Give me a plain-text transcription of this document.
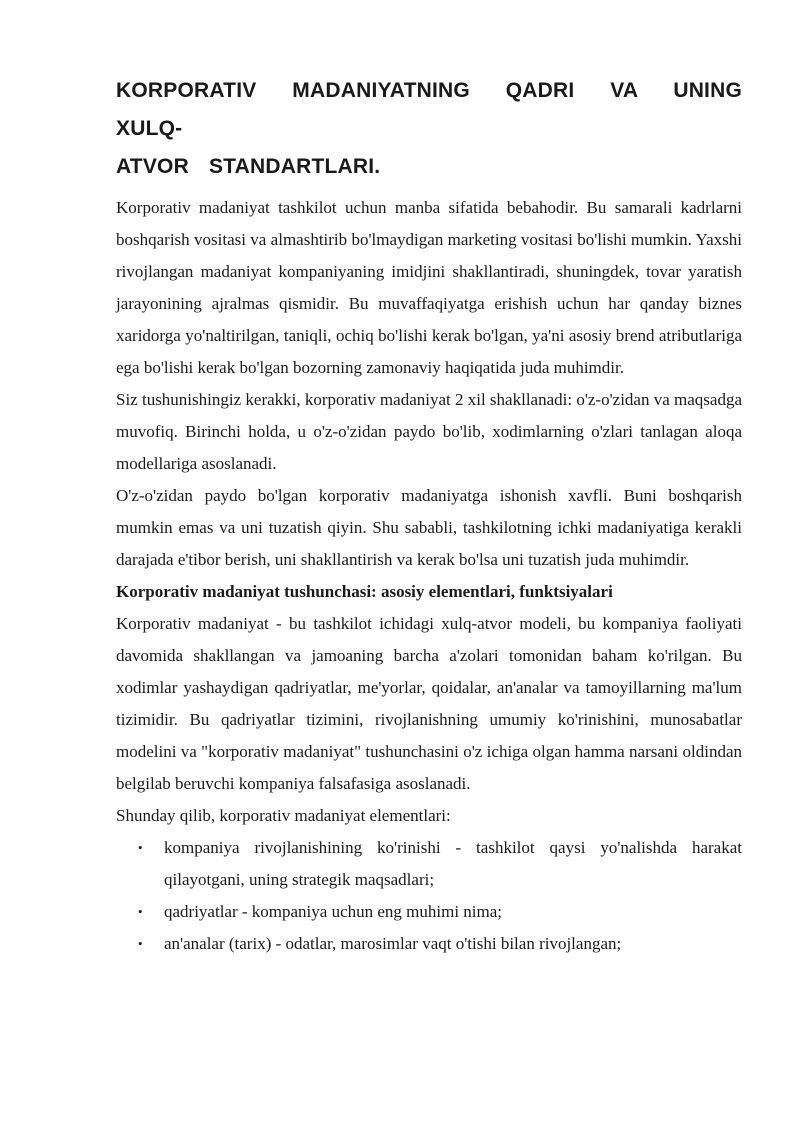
KORPORATIV MADANIYATNING QADRI VA UNING XULQ-
ATVOR STANDARTLARI.

Korporativ madaniyat tashkilot uchun manba sifatida bebahodir. Bu samarali kadrlarni boshqarish vositasi va almashtirib bo'lmaydigan marketing vositasi bo'lishi mumkin. Yaxshi rivojlangan madaniyat kompaniyaning imidjini shakllantiradi, shuningdek, tovar yaratish jarayonining ajralmas qismidir. Bu muvaffaqiyatga erishish uchun har qanday biznes xaridorga yo'naltirilgan, taniqli, ochiq bo'lishi kerak bo'lgan, ya'ni asosiy brend atributlariga ega bo'lishi kerak bo'lgan bozorning zamonaviy haqiqatida juda muhimdir.

Siz tushunishingiz kerakki, korporativ madaniyat 2 xil shakllanadi: o'z-o'zidan va maqsadga muvofiq. Birinchi holda, u o'z-o'zidan paydo bo'lib, xodimlarning o'zlari tanlagan aloqa modellariga asoslanadi.

O'z-o'zidan paydo bo'lgan korporativ madaniyatga ishonish xavfli. Buni boshqarish mumkin emas va uni tuzatish qiyin. Shu sababli, tashkilotning ichki madaniyatiga kerakli darajada e'tibor berish, uni shakllantirish va kerak bo'lsa uni tuzatish juda muhimdir.

Korporativ madaniyat tushunchasi: asosiy elementlari, funktsiyalari

Korporativ madaniyat - bu tashkilot ichidagi xulq-atvor modeli, bu kompaniya faoliyati davomida shakllangan va jamoaning barcha a'zolari tomonidan baham ko'rilgan. Bu xodimlar yashaydigan qadriyatlar, me'yorlar, qoidalar, an'analar va tamoyillarning ma'lum tizimidir. Bu qadriyatlar tizimini, rivojlanishning umumiy ko'rinishini, munosabatlar modelini va "korporativ madaniyat" tushunchasini o'z ichiga olgan hamma narsani oldindan belgilab beruvchi kompaniya falsafasiga asoslanadi.

Shunday qilib, korporativ madaniyat elementlari:

• kompaniya rivojlanishining ko'rinishi - tashkilot qaysi yo'nalishda harakat qilayotgani, uning strategik maqsadlari;
• qadriyatlar - kompaniya uchun eng muhimi nima;
• an'analar (tarix) - odatlar, marosimlar vaqt o'tishi bilan rivojlangan;
